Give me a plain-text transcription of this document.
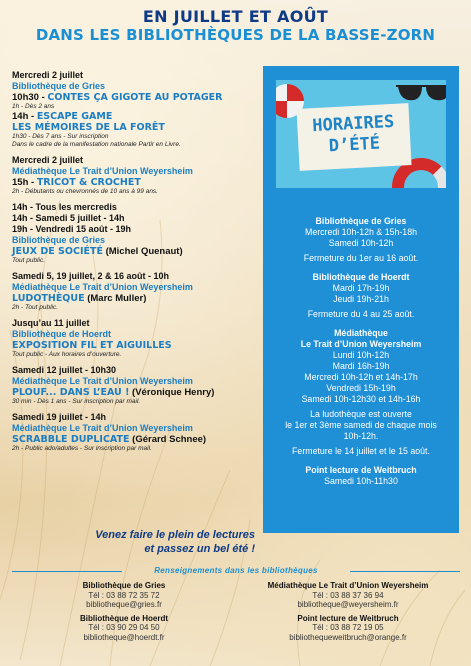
EN JUILLET ET AOÛT
DANS LES BIBLIOTHÈQUES DE LA BASSE-ZORN
Mercredi 2 juillet
Bibliothèque de Gries
10h30 - CONTES ÇA GIGOTE AU POTAGER
1h - Dès 2 ans
14h - ESCAPE GAME
LES MÉMOIRES DE LA FORÊT
1h30 - Dès 7 ans - Sur inscription
Dans le cadre de la manifestation nationale Partir en Livre.
Mercredi 2 juillet
Médiathèque Le Trait d’Union Weyersheim
15h - TRICOT & CROCHET
2h - Débutants ou chevronnés de 10 ans à 99 ans.
14h - Tous les mercredis
14h - Samedi 5 juillet - 14h
19h - Vendredi 15 août - 19h
Bibliothèque de Gries
JEUX DE SOCIÉTÉ (Michel Quenaut)
Tout public.
Samedi 5, 19 juillet, 2 & 16 août - 10h
Médiathèque Le Trait d’Union Weyersheim
LUDOTHÈQUE (Marc Muller)
2h - Tout public.
Jusqu’au 11 juillet
Bibliothèque de Hoerdt
EXPOSITION FIL ET AIGUILLES
Tout public - Aux horaires d’ouverture.
Samedi 12 juillet - 10h30
Médiathèque Le Trait d’Union Weyersheim
PLOUF... DANS L’EAU ! (Véronique Henry)
30 min - Dès 1 ans - Sur inscription par mail.
Samedi 19 juillet - 14h
Médiathèque Le Trait d’Union Weyersheim
SCRABBLE DUPLICATE (Gérard Schnee)
2h - Public ado/adultes - Sur inscription par mail.
Venez faire le plein de lectures
et passez un bel été !
HORAIRES
D’ÉTÉ
Bibliothèque de Gries
Mercredi 10h-12h & 15h-18h
Samedi 10h-12h
Fermeture du 1er au 16 août.
Bibliothèque de Hoerdt
Mardi 17h-19h
Jeudi 19h-21h
Fermeture du 4 au 25 août.
Médiathèque
Le Trait d’Union Weyersheim
Lundi 10h-12h
Mardi 16h-19h
Mercredi 10h-12h et 14h-17h
Vendredi 15h-19h
Samedi 10h-12h30 et 14h-16h
La ludothèque est ouverte
le 1er et 3ème samedi de chaque mois
10h-12h.
Fermeture le 14 juillet et le 15 août.
Point lecture de Weitbruch
Samedi 10h-11h30
Renseignements dans les bibliothèques
Bibliothèque de Gries
Tél : 03 88 72 35 72
bibliotheque@gries.fr
Bibliothèque de Hoerdt
Tél : 03 90 29 04 50
bibliotheque@hoerdt.fr
Médiathèque Le Trait d’Union Weyersheim
Tél : 03 88 37 36 94
bibliotheque@weyersheim.fr
Point lecture de Weitbruch
Tél : 03 88 72 19 05
bibliothequeweitbruch@orange.fr
